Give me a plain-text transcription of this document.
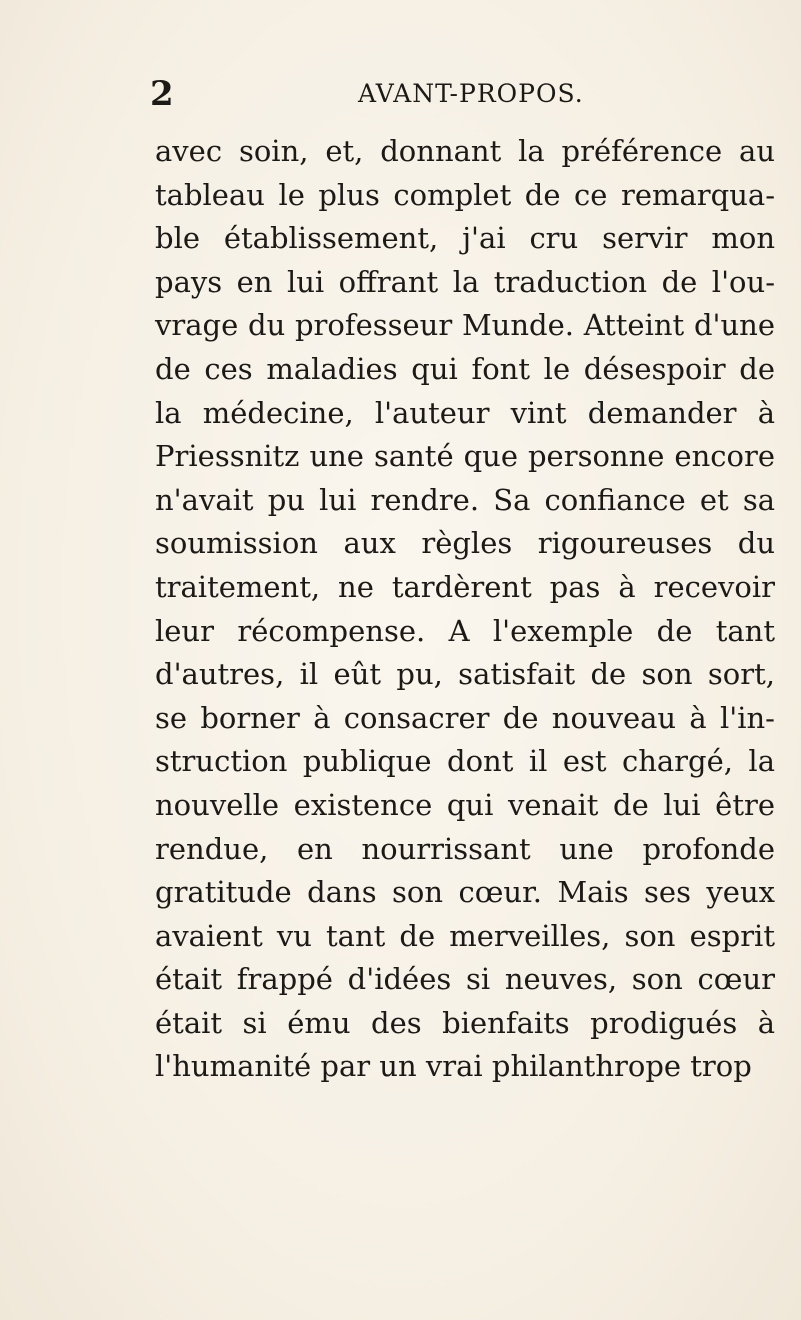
2	AVANT-PROPOS.
avec soin, et, donnant la préférence au
tableau le plus complet de ce remarqua-
ble établissement, j'ai cru servir mon
pays en lui offrant la traduction de l'ou-
vrage du professeur Munde. Atteint d'une
de ces maladies qui font le désespoir de
la médecine, l'auteur vint demander à
Priessnitz une santé que personne encore
n'avait pu lui rendre. Sa confiance et sa
soumission aux règles rigoureuses du
traitement, ne tardèrent pas à recevoir
leur récompense. A l'exemple de tant
d'autres, il eût pu, satisfait de son sort,
se borner à consacrer de nouveau à l'in-
struction publique dont il est chargé, la
nouvelle existence qui venait de lui être
rendue, en nourrissant une profonde
gratitude dans son cœur. Mais ses yeux
avaient vu tant de merveilles, son esprit
était frappé d'idées si neuves, son cœur
était si ému des bienfaits prodigués à
l'humanité par un vrai philanthrope trop
